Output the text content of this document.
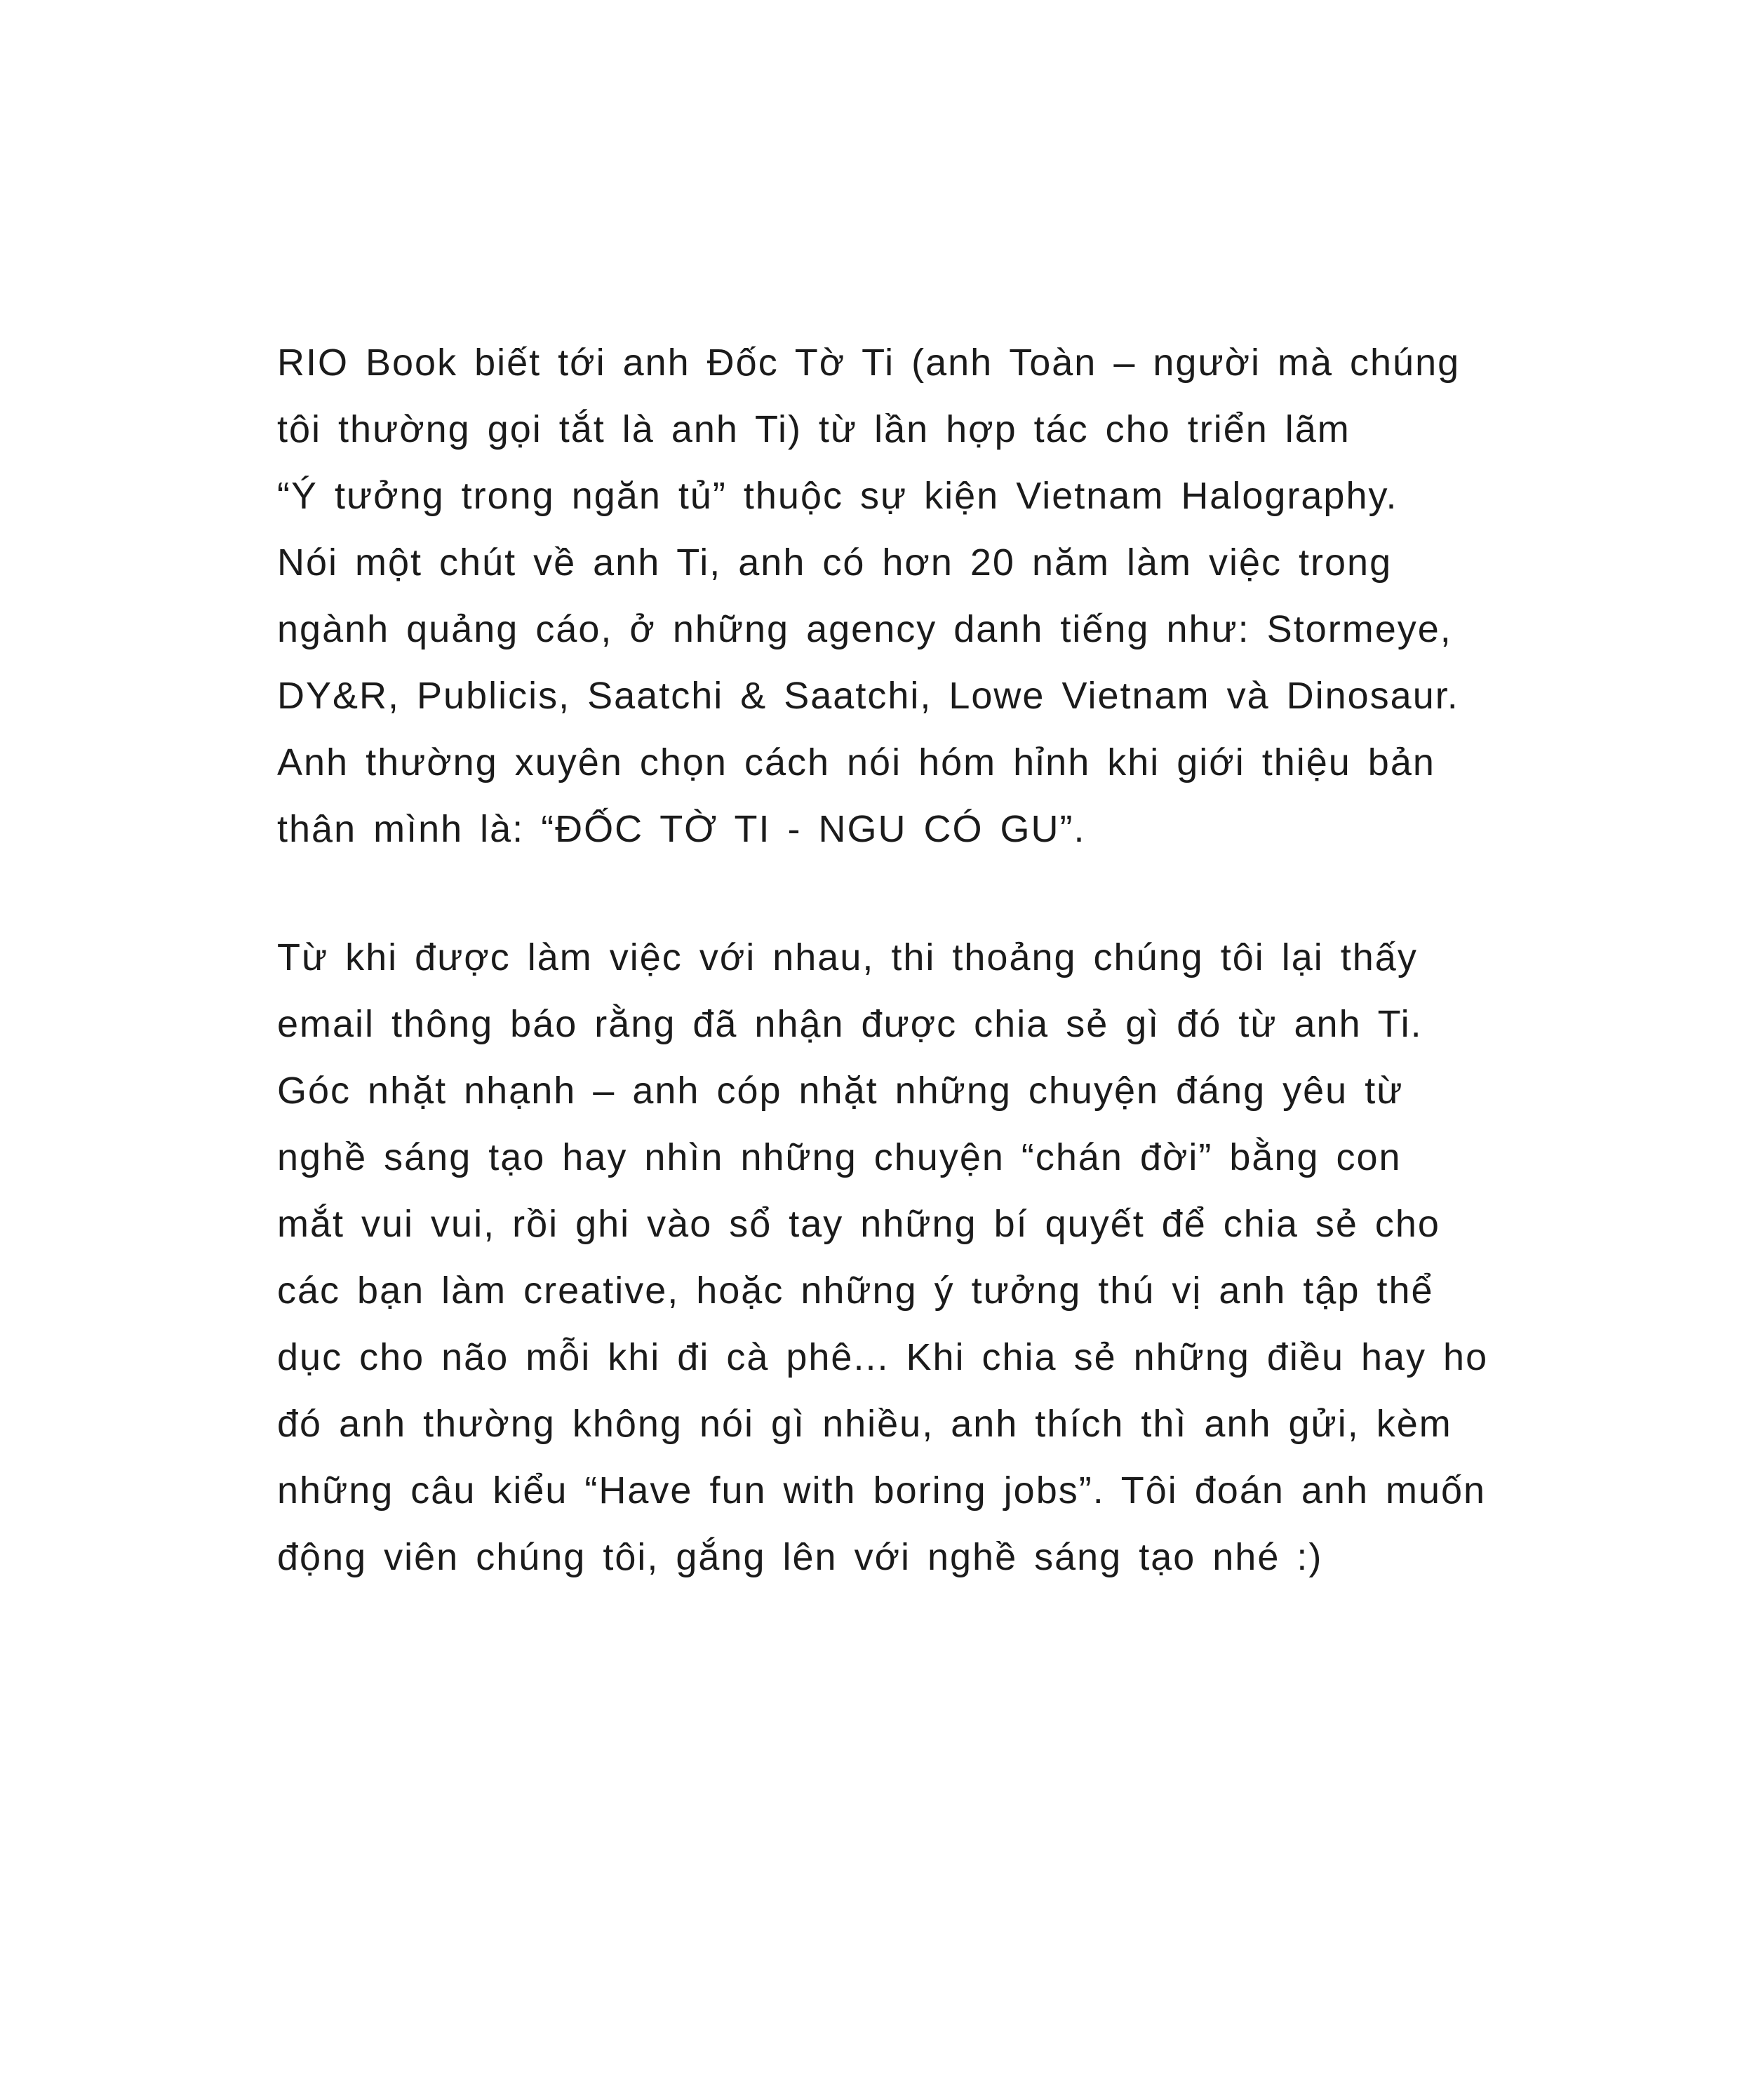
RIO Book biết tới anh Đốc Tờ Ti (anh Toàn – người mà chúng
tôi thường gọi tắt là anh Ti) từ lần hợp tác cho triển lãm
“Ý tưởng trong ngăn tủ” thuộc sự kiện Vietnam Halography.
Nói một chút về anh Ti, anh có hơn 20 năm làm việc trong
ngành quảng cáo, ở những agency danh tiếng như: Stormeye,
DY&R, Publicis, Saatchi & Saatchi, Lowe Vietnam và Dinosaur.
Anh thường xuyên chọn cách nói hóm hỉnh khi giới thiệu bản
thân mình là: “ĐỐC TỜ TI - NGU CÓ GU”.
Từ khi được làm việc với nhau, thi thoảng chúng tôi lại thấy
email thông báo rằng đã nhận được chia sẻ gì đó từ anh Ti.
Góc nhặt nhạnh – anh cóp nhặt những chuyện đáng yêu từ
nghề sáng tạo hay nhìn những chuyện “chán đời” bằng con
mắt vui vui, rồi ghi vào sổ tay những bí quyết để chia sẻ cho
các bạn làm creative, hoặc những ý tưởng thú vị anh tập thể
dục cho não mỗi khi đi cà phê... Khi chia sẻ những điều hay ho
đó anh thường không nói gì nhiều, anh thích thì anh gửi, kèm
những câu kiểu “Have fun with boring jobs”. Tôi đoán anh muốn
động viên chúng tôi, gắng lên với nghề sáng tạo nhé :)
